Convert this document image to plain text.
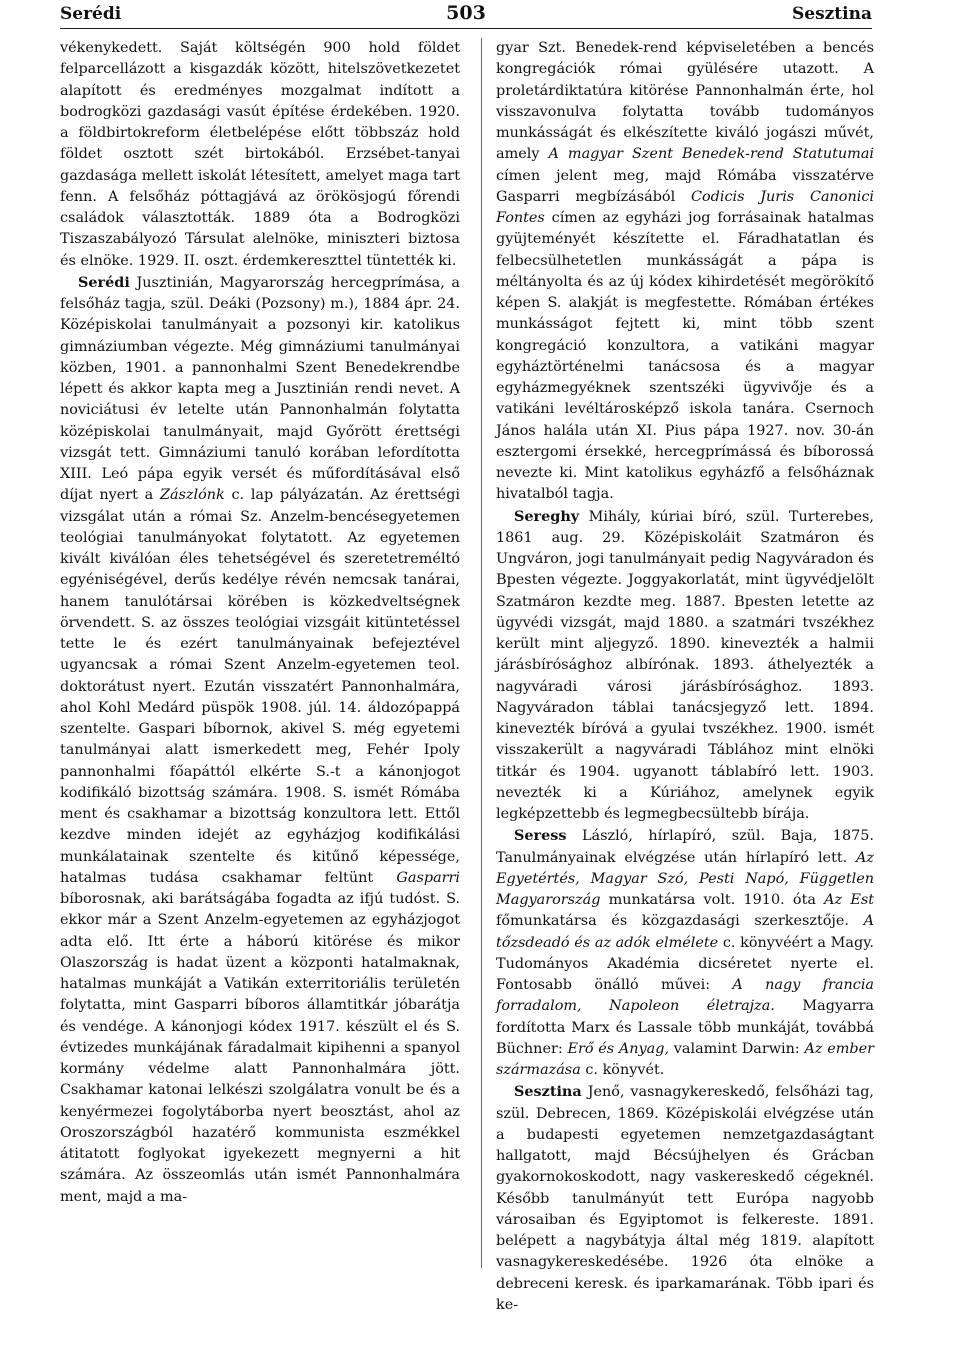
503
Serédi	Sesztina

vékenykedett. Saját költségén 900 hold földet felparcellázott a kisgazdák között, hitelszövetkezetet alapított és eredményes mozgalmat indított a bodrogközi gazdasági vasút építése érdekében. 1920. a földbirtokreform életbelépése előtt többszáz hold földet osztott szét birtokából. Erzsébet-tanyai gazdasága mellett iskolát létesített, amelyet maga tart fenn. A felsőház póttagjává az örökösjogú főrendi családok választották. 1889 óta a Bodrogközi Tiszaszabályozó Társulat alelnöke, miniszteri biztosa és elnöke. 1929. II. oszt. érdemkereszttel tüntették ki.

Serédi Jusztinián, Magyarország hercegprímása, a felsőház tagja, szül. Deáki (Pozsony) m.), 1884 ápr. 24. Középiskolai tanulmányait a pozsonyi kir. katolikus gimnáziumban végezte. Még gimnáziumi tanulmányai közben, 1901. a pannonhalmi Szent Benedekrendbe lépett és akkor kapta meg a Jusztinián rendi nevet. A noviciátusi év letelte után Pannonhalmán folytatta középiskolai tanulmányait, majd Győrött érettségi vizsgát tett. Gimnáziumi tanuló korában lefordította XIII. Leó pápa egyik versét és műfordításával első díjat nyert a Zászlónk c. lap pályázatán. Az érettségi vizsgálat után a római Sz. Anzelm-bencésegyetemen teológiai tanulmányokat folytatott. Az egyetemen kivált kiválóan éles tehetségével és szeretetreméltó egyéniségével, derűs kedélye révén nemcsak tanárai, hanem tanulótársai körében is közkedveltségnek örvendett. S. az összes teológiai vizsgáit kitüntetéssel tette le és ezért tanulmányainak befejeztével ugyancsak a római Szent Anzelm-egyetemen teol. doktorátust nyert. Ezután visszatért Pannonhalmára, ahol Kohl Medárd püspök 1908. júl. 14. áldozópappá szentelte. Gaspari bíbornok, akivel S. még egyetemi tanulmányai alatt ismerkedett meg, Fehér Ipoly pannonhalmi főapáttól elkérte S.-t a kánonjogot kodifikáló bizottság számára. 1908. S. ismét Rómába ment és csakhamar a bizottság konzultora lett. Ettől kezdve minden idejét az egyházjog kodifikálási munkálatainak szentelte és kitűnő képessége, hatalmas tudása csakhamar feltünt Gasparri bíborosnak, aki barátságába fogadta az ifjú tudóst. S. ekkor már a Szent Anzelm-egyetemen az egyházjogot adta elő. Itt érte a háború kitörése és mikor Olaszország is hadat üzent a központi hatalmaknak, hatalmas munkáját a Vatikán exterritoriális területén folytatta, mint Gasparri bíboros államtitkár jóbarátja és vendége. A kánonjogi kódex 1917. készült el és S. évtizedes munkájának fáradalmait kipihenni a spanyol kormány védelme alatt Pannonhalmára jött. Csakhamar katonai lelkészi szolgálatra vonult be és a kenyérmezei fogolytáborba nyert beosztást, ahol az Oroszországból hazatérő kommunista eszmékkel átitatott foglyokat igyekezett megnyerni a hit számára. Az összeomlás után ismét Pannonhalmára ment, majd a ma-

gyar Szt. Benedek-rend képviseletében a bencés kongregációk római gyülésére utazott. A proletárdiktatúra kitörése Pannonhalmán érte, hol visszavonulva folytatta tovább tudományos munkásságát és elkészítette kiváló jogászi művét, amely A magyar Szent Benedek-rend Statutumai címen jelent meg, majd Rómába visszatérve Gasparri megbízásából Codicis Juris Canonici Fontes címen az egyházi jog forrásainak hatalmas gyüjteményét készítette el. Fáradhatatlan és felbecsülhetetlen munkásságát a pápa is méltányolta és az új kódex kihirdetését megörökítő képen S. alakját is megfestette. Rómában értékes munkásságot fejtett ki, mint több szent kongregáció konzultora, a vatikáni magyar egyháztörténelmi tanácsosa és a magyar egyházmegyéknek szentszéki ügyvivője és a vatikáni levéltárosképző iskola tanára. Csernoch János halála után XI. Pius pápa 1927. nov. 30-án esztergomi érsekké, hercegprímássá és bíborossá nevezte ki. Mint katolikus egyházfő a felsőháznak hivatalból tagja.

Sereghy Mihály, kúriai bíró, szül. Turterebes, 1861 aug. 29. Középiskoláit Szatmáron és Ungváron, jogi tanulmányait pedig Nagyváradon és Bpesten végezte. Joggyakorlatát, mint ügyvédjelölt Szatmáron kezdte meg. 1887. Bpesten letette az ügyvédi vizsgát, majd 1880. a szatmári tvszékhez került mint aljegyző. 1890. kinevezték a halmii járásbírósághoz albírónak. 1893. áthelyezték a nagyváradi városi járásbírósághoz. 1893. Nagyváradon táblai tanácsjegyző lett. 1894. kinevezték bíróvá a gyulai tvszékhez. 1900. ismét visszakerült a nagyváradi Táblához mint elnöki titkár és 1904. ugyanott táblabíró lett. 1903. nevezték ki a Kúriához, amelynek egyik legképzettebb és legmegbecsültebb bírája.

Seress László, hírlapíró, szül. Baja, 1875. Tanulmányainak elvégzése után hírlapíró lett. Az Egyetértés, Magyar Szó, Pesti Napó, Független Magyarország munkatársa volt. 1910. óta Az Est főmunkatársa és közgazdasági szerkesztője. A tőzsdeadó és az adók elmélete c. könyvéért a Magy. Tudományos Akadémia dicséretet nyerte el. Fontosabb önálló művei: A nagy francia forradalom, Napoleon életrajza. Magyarra fordította Marx és Lassale több munkáját, továbbá Büchner: Erő és Anyag, valamint Darwin: Az ember származása c. könyvét.

Sesztina Jenő, vasnagykereskedő, felsőházi tag, szül. Debrecen, 1869. Középiskolái elvégzése után a budapesti egyetemen nemzetgazdaságtant hallgatott, majd Bécsújhelyen és Grácban gyakornokoskodott, nagy vaskereskedő cégeknél. Később tanulmányút tett Európa nagyobb városaiban és Egyiptomot is felkereste. 1891. belépett a nagybátyja által még 1819. alapított vasnagykereskedésébe. 1926 óta elnöke a debreceni keresk. és iparkamarának. Több ipari és ke-
